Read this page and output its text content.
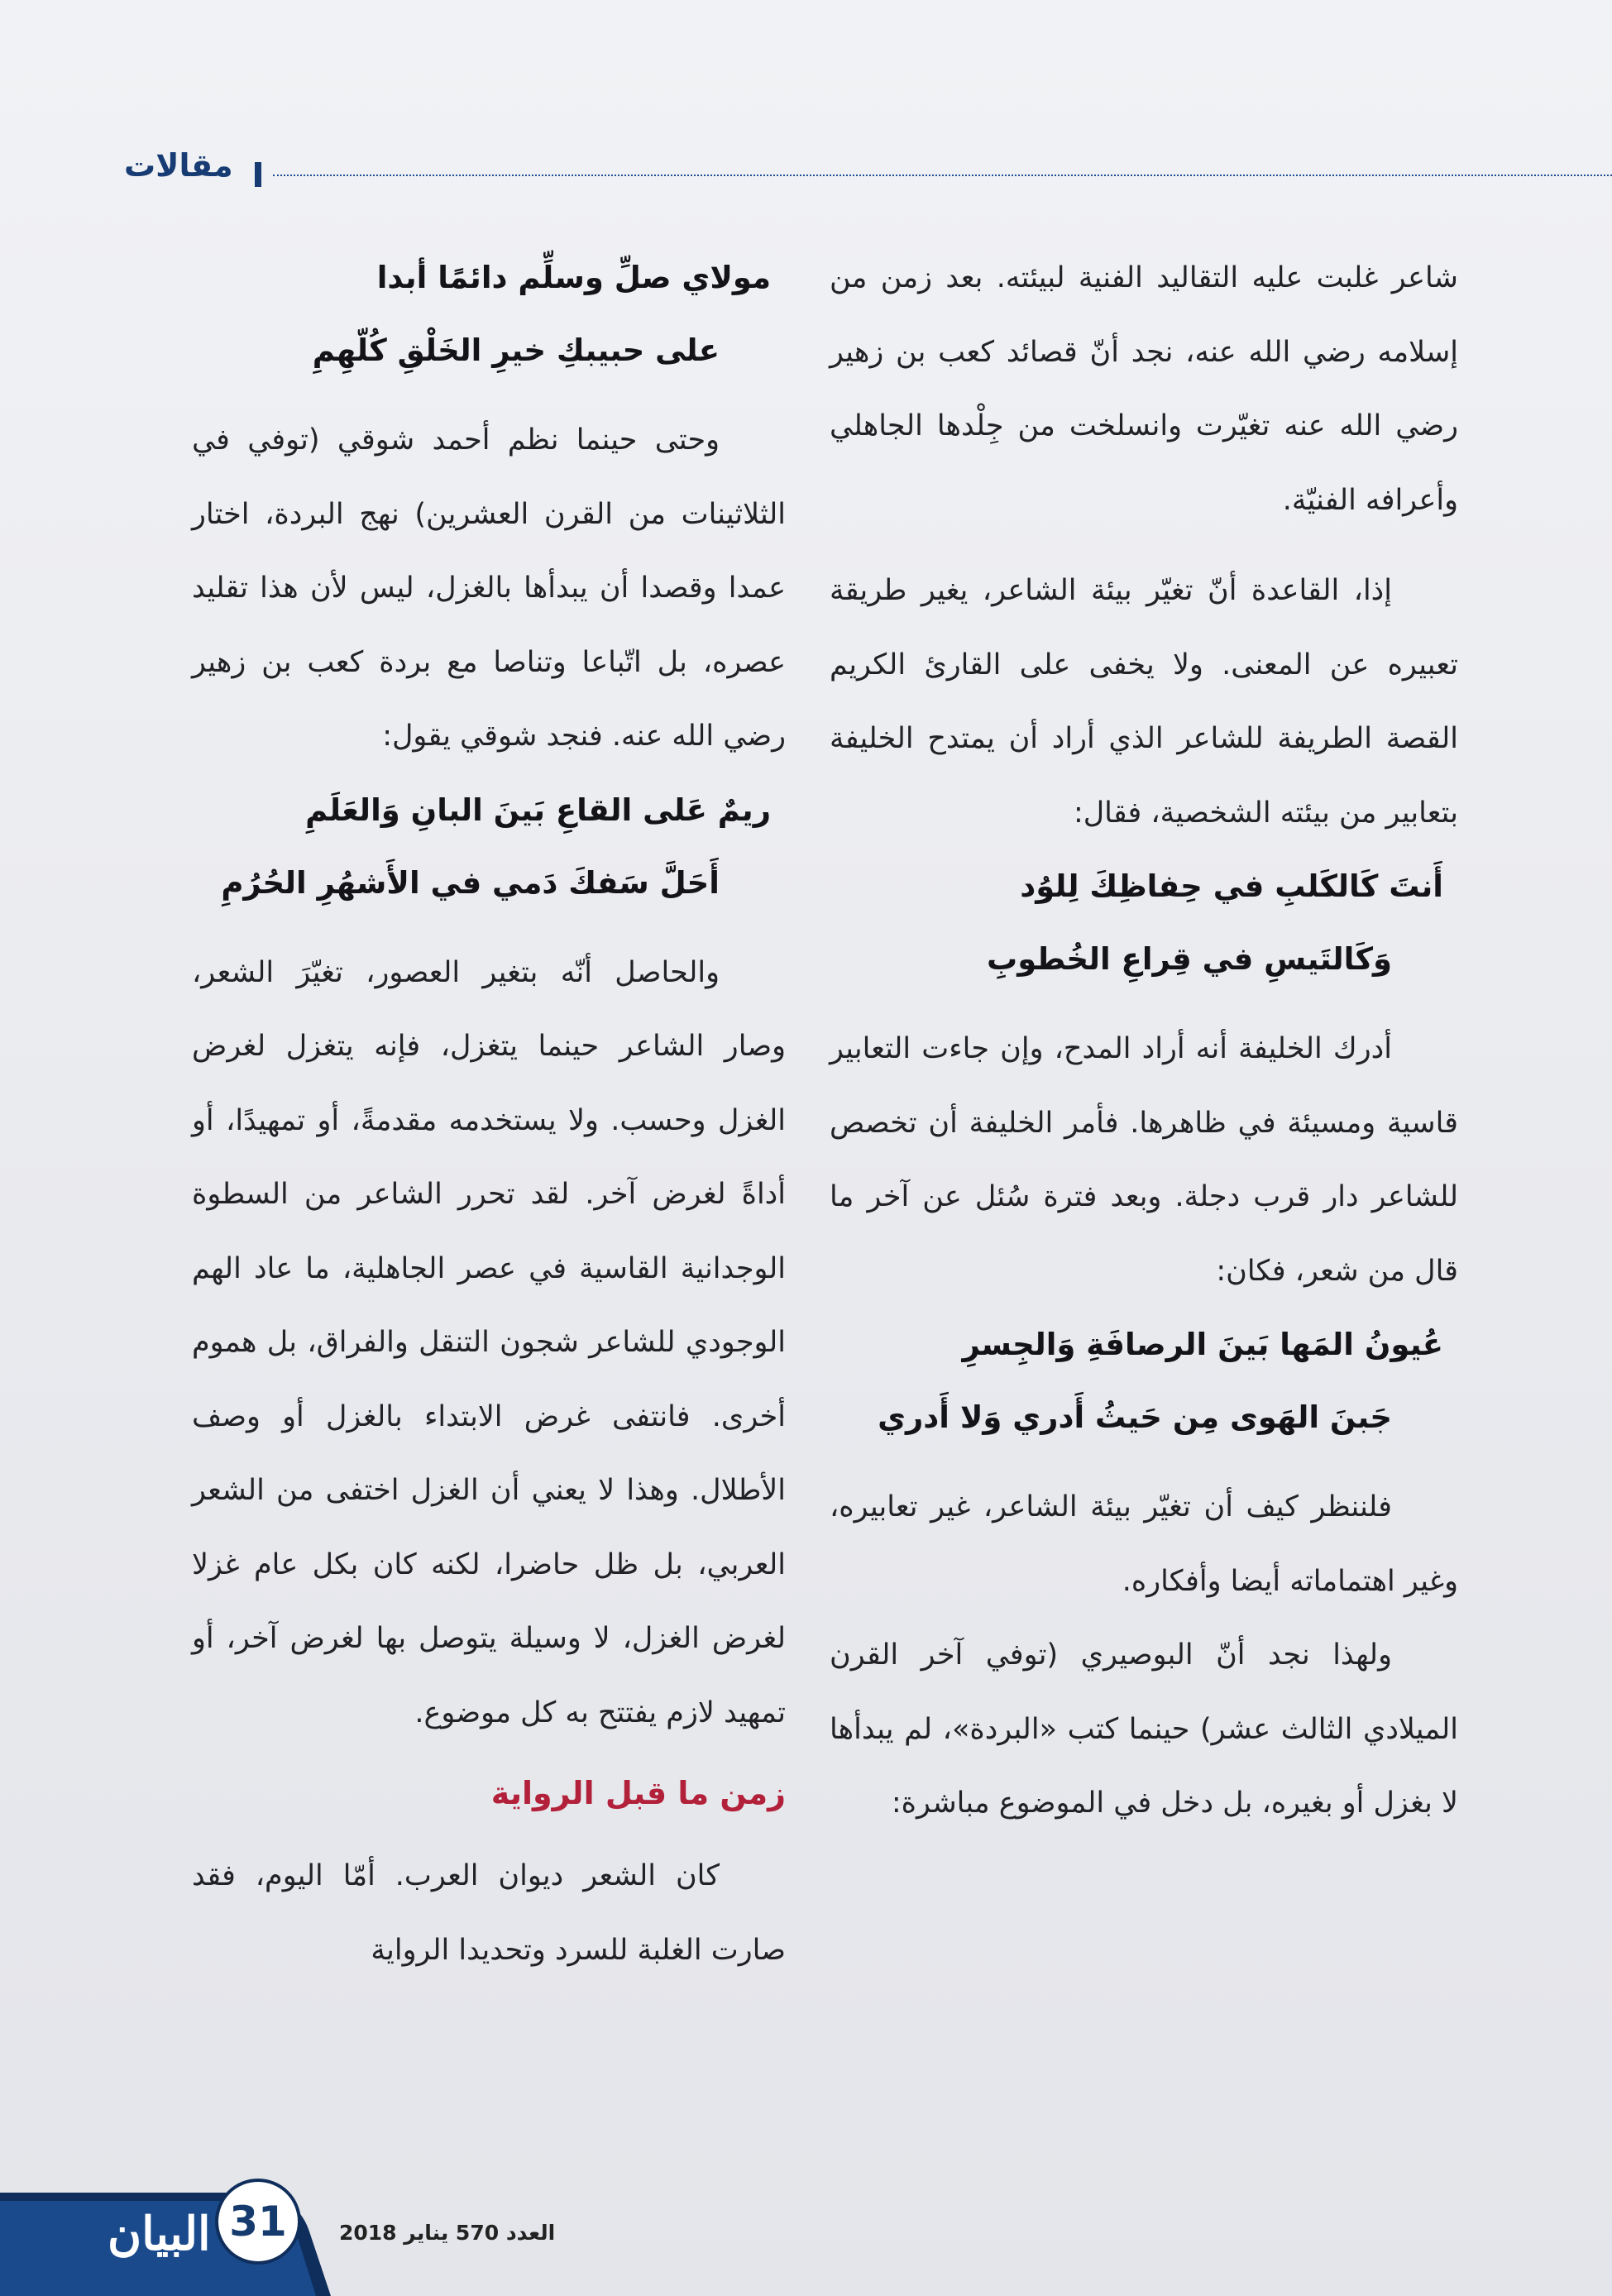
مقالات

شاعر غلبت عليه التقاليد الفنية لبيئته. بعد زمن من إسلامه رضي الله عنه، نجد أنّ قصائد كعب بن زهير رضي الله عنه تغيّرت وانسلخت من جِلْدها الجاهلي وأعرافه الفنيّة.

إذا، القاعدة أنّ تغيّر بيئة الشاعر، يغير طريقة تعبيره عن المعنى. ولا يخفى على القارئ الكريم القصة الطريفة للشاعر الذي أراد أن يمتدح الخليفة بتعابير من بيئته الشخصية، فقال:

أَنتَ كَالكَلبِ في حِفاظِكَ لِلوُد

وَكَالتَيسِ في قِراعِ الخُطوبِ

أدرك الخليفة أنه أراد المدح، وإن جاءت التعابير قاسية ومسيئة في ظاهرها. فأمر الخليفة أن تخصص للشاعر دار قرب دجلة. وبعد فترة سُئل عن آخر ما قال من شعر، فكان:

عُيونُ المَها بَينَ الرصافَةِ وَالجِسرِ

جَبنَ الهَوى مِن حَيثُ أَدري وَلا أَدري

فلننظر كيف أن تغيّر بيئة الشاعر، غير تعابيره، وغير اهتماماته أيضا وأفكاره.

ولهذا نجد أنّ البوصيري (توفي آخر القرن الميلادي الثالث عشر) حينما كتب «البردة»، لم يبدأها لا بغزل أو بغيره، بل دخل في الموضوع مباشرة:

مولاي صلِّ وسلِّم دائمًا أبدا

على حبيبكِ خيرِ الخَلْقِ كُلّهِمِ

وحتى حينما نظم أحمد شوقي (توفي في الثلاثينات من القرن العشرين) نهج البردة، اختار عمدا وقصدا أن يبدأها بالغزل، ليس لأن هذا تقليد عصره، بل اتّباعا وتناصا مع بردة كعب بن زهير رضي الله عنه. فنجد شوقي يقول:

ريمٌ عَلى القاعِ بَينَ البانِ وَالعَلَمِ

أَحَلَّ سَفكَ دَمي في الأَشهُرِ الحُرُمِ

والحاصل أنّه بتغير العصور، تغيّرَ الشعر، وصار الشاعر حينما يتغزل، فإنه يتغزل لغرض الغزل وحسب. ولا يستخدمه مقدمةً، أو تمهيدًا، أو أداةً لغرض آخر. لقد تحرر الشاعر من السطوة الوجدانية القاسية في عصر الجاهلية، ما عاد الهم الوجودي للشاعر شجون التنقل والفراق، بل هموم أخرى. فانتفى غرض الابتداء بالغزل أو وصف الأطلال. وهذا لا يعني أن الغزل اختفى من الشعر العربي، بل ظل حاضرا، لكنه كان بكل عام غزلا لغرض الغزل، لا وسيلة يتوصل بها لغرض آخر، أو تمهيد لازم يفتتح به كل موضوع.

زمن ما قبل الرواية

كان الشعر ديوان العرب. أمّا اليوم، فقد صارت الغلبة للسرد وتحديدا الرواية

البيان 31	العدد 570 يناير 2018
